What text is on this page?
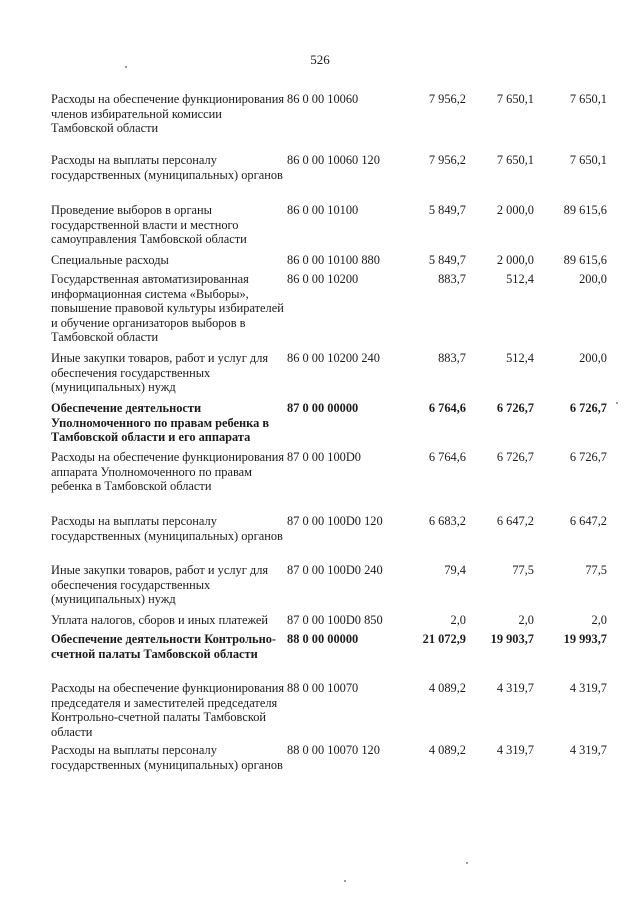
526
Расходы на обеспечение функционирования членов избирательной комиссии Тамбовской области
86 0 00 10060	7 956,2	7 650,1	7 650,1
Расходы на выплаты персоналу государственных (муниципальных) органов
86 0 00 10060 120	7 956,2	7 650,1	7 650,1
Проведение выборов в органы государственной власти и местного самоуправления Тамбовской области
86 0 00 10100	5 849,7	2 000,0	89 615,6
Специальные расходы	86 0 00 10100 880	5 849,7	2 000,0	89 615,6
Государственная автоматизированная информационная система «Выборы», повышение правовой культуры избирателей и обучение организаторов выборов в Тамбовской области
86 0 00 10200	883,7	512,4	200,0
Иные закупки товаров, работ и услуг для обеспечения государственных (муниципальных) нужд
86 0 00 10200 240	883,7	512,4	200,0
Обеспечение деятельности Уполномоченного по правам ребенка в Тамбовской области и его аппарата
87 0 00 00000	6 764,6	6 726,7	6 726,7
Расходы на обеспечение функционирования аппарата Уполномоченного по правам ребенка в Тамбовской области
87 0 00 100D0	6 764,6	6 726,7	6 726,7
Расходы на выплаты персоналу государственных (муниципальных) органов
87 0 00 100D0 120	6 683,2	6 647,2	6 647,2
Иные закупки товаров, работ и услуг для обеспечения государственных (муниципальных) нужд
87 0 00 100D0 240	79,4	77,5	77,5
Уплата налогов, сборов и иных платежей	87 0 00 100D0 850	2,0	2,0	2,0
Обеспечение деятельности Контрольно-счетной палаты Тамбовской области
88 0 00 00000	21 072,9	19 903,7	19 993,7
Расходы на обеспечение функционирования председателя и заместителей председателя Контрольно-счетной палаты Тамбовской области
88 0 00 10070	4 089,2	4 319,7	4 319,7
Расходы на выплаты персоналу государственных (муниципальных) органов
88 0 00 10070 120	4 089,2	4 319,7	4 319,7
